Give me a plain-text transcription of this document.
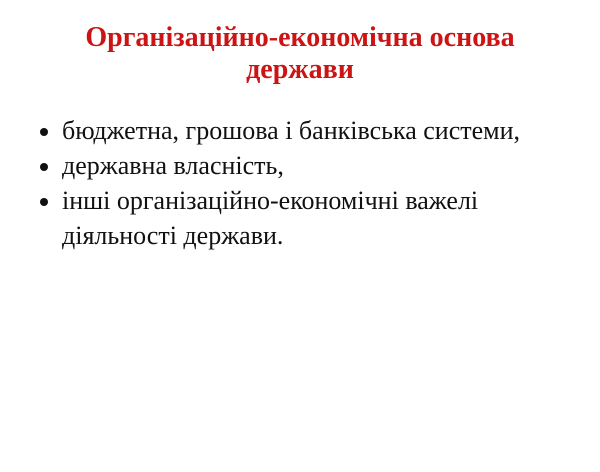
Організаційно-економічна основа держави
• бюджетна, грошова і банківська системи,
• державна власність,
• інші організаційно-економічні важелі діяльності держави.
